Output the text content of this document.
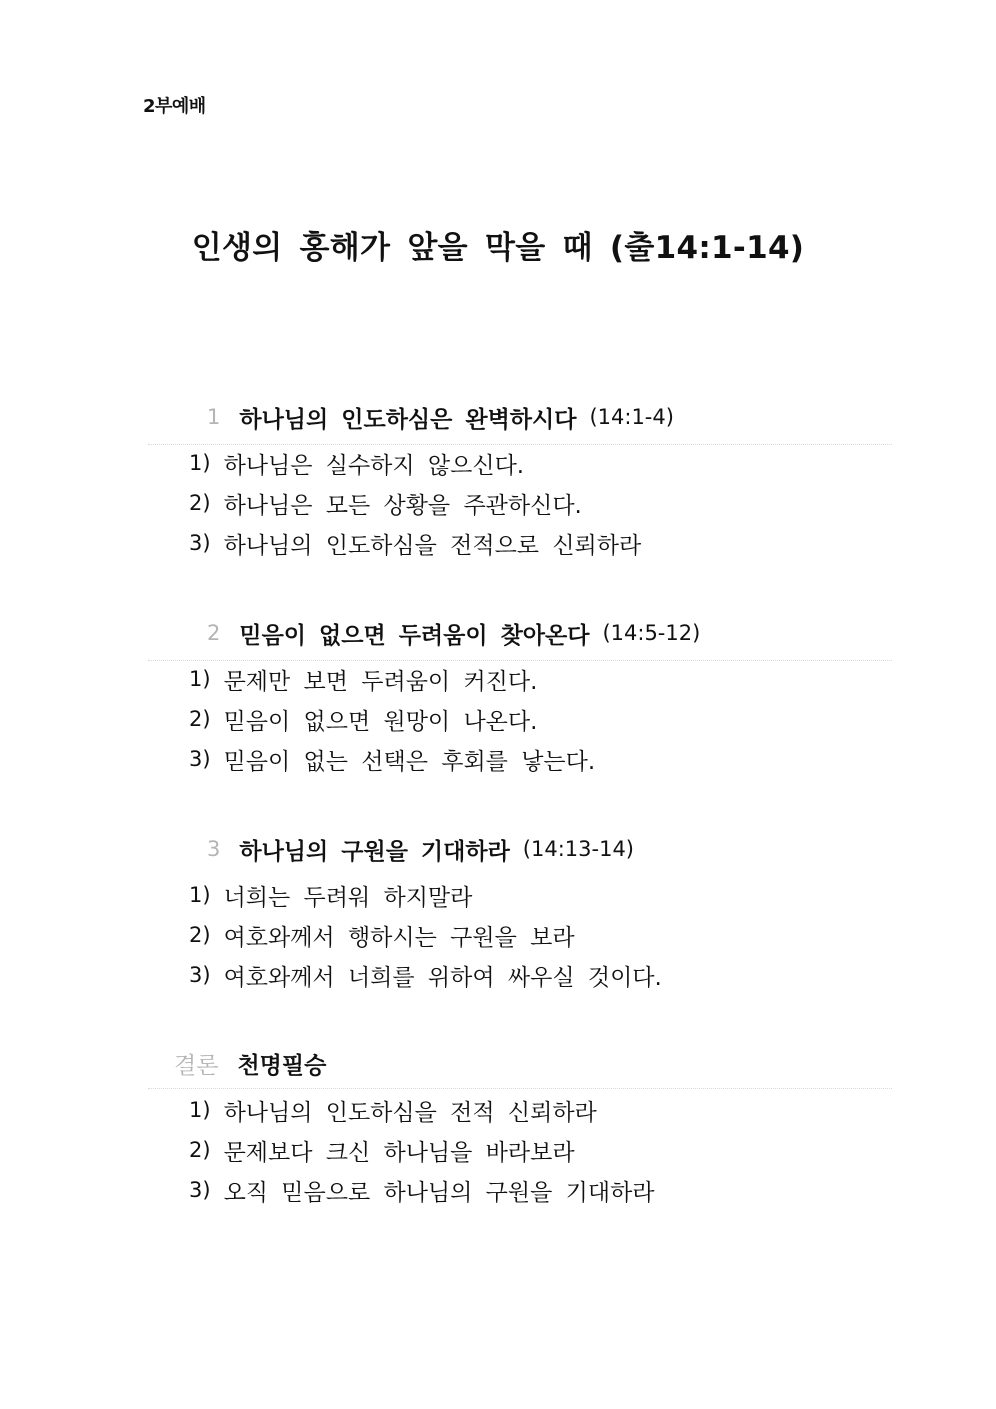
2부예배
인생의 홍해가 앞을 막을 때 (출14:1-14)
1 하나님의 인도하심은 완벽하시다 (14:1-4)
1) 하나님은 실수하지 않으신다.
2) 하나님은 모든 상황을 주관하신다.
3) 하나님의 인도하심을 전적으로 신뢰하라
2 믿음이 없으면 두려움이 찾아온다 (14:5-12)
1) 문제만 보면 두려움이 커진다.
2) 믿음이 없으면 원망이 나온다.
3) 믿음이 없는 선택은 후회를 낳는다.
3 하나님의 구원을 기대하라 (14:13-14)
1) 너희는 두려워 하지말라
2) 여호와께서 행하시는 구원을 보라
3) 여호와께서 너희를 위하여 싸우실 것이다.
결론 천명필승
1) 하나님의 인도하심을 전적 신뢰하라
2) 문제보다 크신 하나님을 바라보라
3) 오직 믿음으로 하나님의 구원을 기대하라
